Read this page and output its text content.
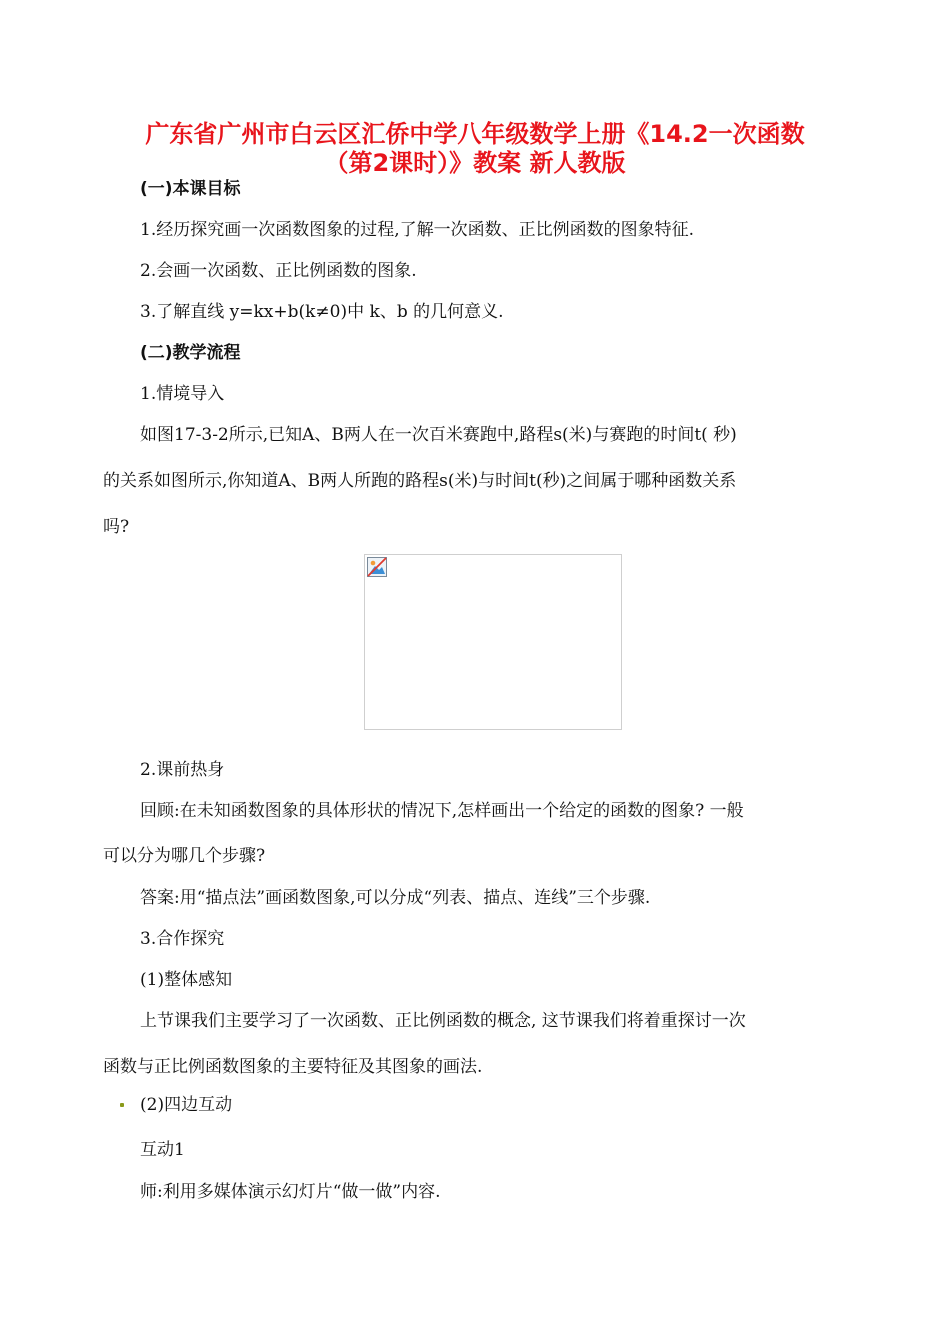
广东省广州市白云区汇侨中学八年级数学上册《14.2一次函数
（第2课时）》教案 新人教版
(一)本课目标
1.经历探究画一次函数图象的过程,了解一次函数、正比例函数的图象特征.
2.会画一次函数、正比例函数的图象.
3.了解直线 y=kx+b(k≠0)中 k、b 的几何意义.
(二)教学流程
1.情境导入
如图17-3-2所示,已知A、B两人在一次百米赛跑中,路程s(米)与赛跑的时间t( 秒)
的关系如图所示,你知道A、B两人所跑的路程s(米)与时间t(秒)之间属于哪种函数关系
吗?
2.课前热身
回顾:在未知函数图象的具体形状的情况下,怎样画出一个给定的函数的图象? 一般
可以分为哪几个步骤?
答案:用“描点法”画函数图象,可以分成“列表、描点、连线”三个步骤.
3.合作探究
(1)整体感知
上节课我们主要学习了一次函数、正比例函数的概念, 这节课我们将着重探讨一次
函数与正比例函数图象的主要特征及其图象的画法.
(2)四边互动
互动1
师:利用多媒体演示幻灯片“做一做”内容.
